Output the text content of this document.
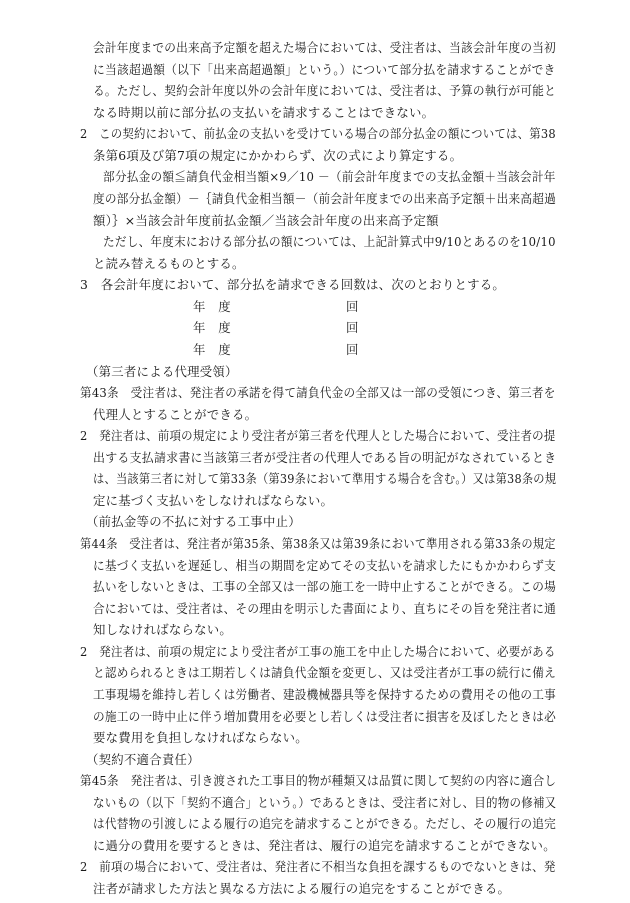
会計年度までの出来高予定額を超えた場合においては、受注者は、当該会計年度の当初
に当該超過額（以下「出来高超過額」という。）について部分払を請求することができ
る。ただし、契約会計年度以外の会計年度においては、受注者は、予算の執行が可能と
なる時期以前に部分払の支払いを請求することはできない。
2　この契約において、前払金の支払いを受けている場合の部分払金の額については、第38
条第6項及び第7項の規定にかかわらず、次の式により算定する。
部分払金の額≦請負代金相当額×9／10 －（前会計年度までの支払金額＋当該会計年
度の部分払金額）－｛請負代金相当額－（前会計年度までの出来高予定額＋出来高超過
額）｝×当該会計年度前払金額／当該会計年度の出来高予定額
ただし、年度末における部分払の額については、上記計算式中9/10とあるのを10/10
と読み替えるものとする。
3　各会計年度において、部分払を請求できる回数は、次のとおりとする。
年　度	回
年　度	回
年　度	回
（第三者による代理受領）
第43条　受注者は、発注者の承諾を得て請負代金の全部又は一部の受領につき、第三者を
代理人とすることができる。
2　発注者は、前項の規定により受注者が第三者を代理人とした場合において、受注者の提
出する支払請求書に当該第三者が受注者の代理人である旨の明記がなされているとき
は、当該第三者に対して第33条（第39条において準用する場合を含む。）又は第38条の規
定に基づく支払いをしなければならない。
（前払金等の不払に対する工事中止）
第44条　受注者は、発注者が第35条、第38条又は第39条において準用される第33条の規定
に基づく支払いを遅延し、相当の期間を定めてその支払いを請求したにもかかわらず支
払いをしないときは、工事の全部又は一部の施工を一時中止することができる。この場
合においては、受注者は、その理由を明示した書面により、直ちにその旨を発注者に通
知しなければならない。
2　発注者は、前項の規定により受注者が工事の施工を中止した場合において、必要がある
と認められるときは工期若しくは請負代金額を変更し、又は受注者が工事の続行に備え
工事現場を維持し若しくは労働者、建設機械器具等を保持するための費用その他の工事
の施工の一時中止に伴う増加費用を必要とし若しくは受注者に損害を及ぼしたときは必
要な費用を負担しなければならない。
（契約不適合責任）
第45条　発注者は、引き渡された工事目的物が種類又は品質に関して契約の内容に適合し
ないもの（以下「契約不適合」という。）であるときは、受注者に対し、目的物の修補又
は代替物の引渡しによる履行の追完を請求することができる。ただし、その履行の追完
に過分の費用を要するときは、発注者は、履行の追完を請求することができない。
2　前項の場合において、受注者は、発注者に不相当な負担を課するものでないときは、発
注者が請求した方法と異なる方法による履行の追完をすることができる。
